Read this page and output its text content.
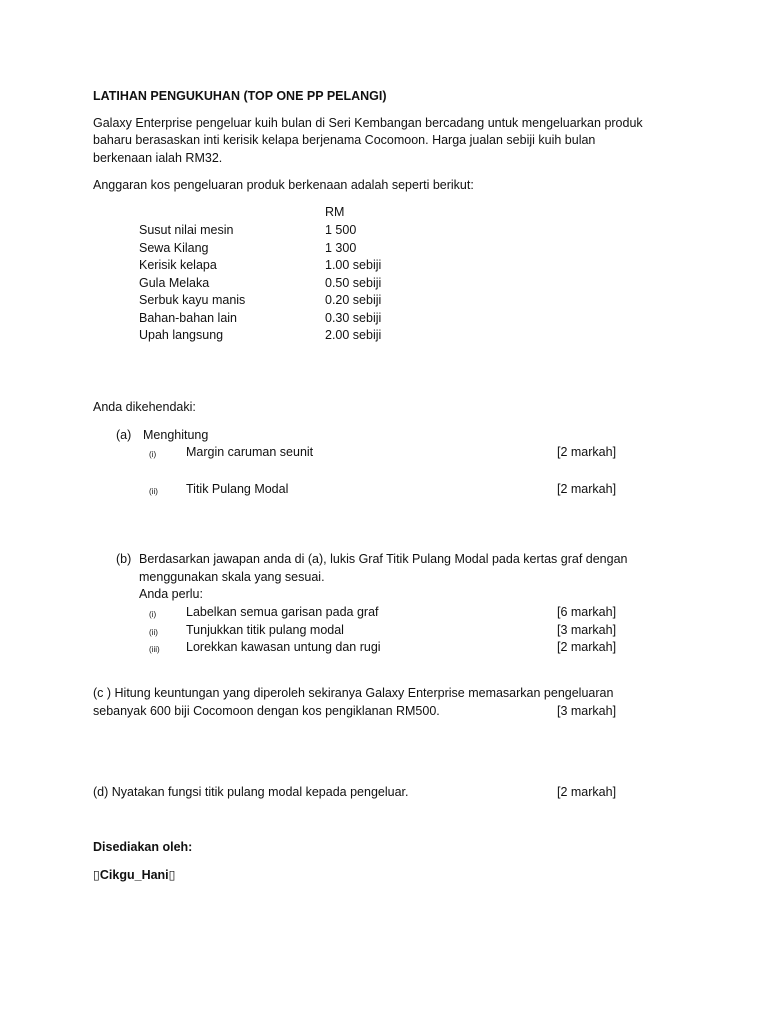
LATIHAN PENGUKUHAN (TOP ONE PP PELANGI)
Galaxy Enterprise pengeluar kuih bulan di Seri Kembangan bercadang untuk mengeluarkan produk
baharu berasaskan inti kerisik kelapa berjenama Cocomoon. Harga jualan sebiji kuih bulan
berkenaan ialah RM32.
Anggaran kos pengeluaran produk berkenaan adalah seperti berikut:
RM
Susut nilai mesin	1 500
Sewa Kilang	1 300
Kerisik kelapa	1.00 sebiji
Gula Melaka	0.50 sebiji
Serbuk kayu manis	0.20 sebiji
Bahan-bahan lain	0.30 sebiji
Upah langsung	2.00 sebiji
Anda dikehendaki:
(a) Menghitung
(i) Margin caruman seunit	[2 markah]
(ii) Titik Pulang Modal	[2 markah]
(b) Berdasarkan jawapan anda di (a), lukis Graf Titik Pulang Modal pada kertas graf dengan
menggunakan skala yang sesuai.
Anda perlu:
(i) Labelkan semua garisan pada graf	[6 markah]
(ii) Tunjukkan titik pulang modal	[3 markah]
(iii) Lorekkan kawasan untung dan rugi	[2 markah]
(c ) Hitung keuntungan yang diperoleh sekiranya Galaxy Enterprise memasarkan pengeluaran
sebanyak 600 biji Cocomoon dengan kos pengiklanan RM500.	[3 markah]
(d) Nyatakan fungsi titik pulang modal kepada pengeluar.	[2 markah]
Disediakan oleh:
▯Cikgu_Hani▯
